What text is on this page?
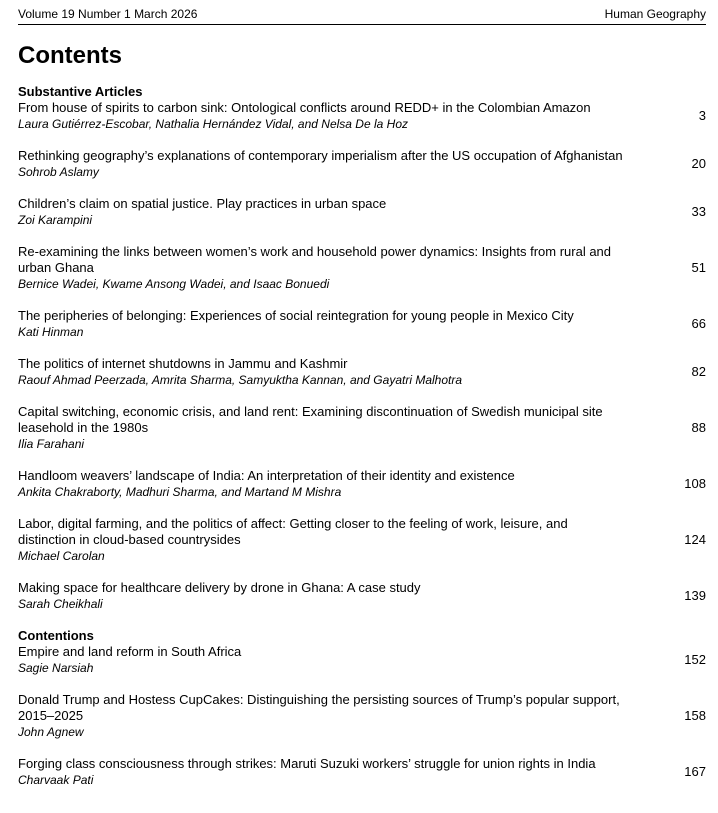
Volume 19 Number 1 March 2026	Human Geography
Contents
Substantive Articles
From house of spirits to carbon sink: Ontological conflicts around REDD+ in the Colombian Amazon
Laura Gutiérrez-Escobar, Nathalia Hernández Vidal, and Nelsa De la Hoz
3
Rethinking geography’s explanations of contemporary imperialism after the US occupation of Afghanistan
Sohrob Aslamy
20
Children’s claim on spatial justice. Play practices in urban space
Zoi Karampini
33
Re-examining the links between women’s work and household power dynamics: Insights from rural and urban Ghana
Bernice Wadei, Kwame Ansong Wadei, and Isaac Bonuedi
51
The peripheries of belonging: Experiences of social reintegration for young people in Mexico City
Kati Hinman
66
The politics of internet shutdowns in Jammu and Kashmir
Raouf Ahmad Peerzada, Amrita Sharma, Samyuktha Kannan, and Gayatri Malhotra
82
Capital switching, economic crisis, and land rent: Examining discontinuation of Swedish municipal site leasehold in the 1980s
Ilia Farahani
88
Handloom weavers’ landscape of India: An interpretation of their identity and existence
Ankita Chakraborty, Madhuri Sharma, and Martand M Mishra
108
Labor, digital farming, and the politics of affect: Getting closer to the feeling of work, leisure, and distinction in cloud-based countrysides
Michael Carolan
124
Making space for healthcare delivery by drone in Ghana: A case study
Sarah Cheikhali
139
Contentions
Empire and land reform in South Africa
Sagie Narsiah
152
Donald Trump and Hostess CupCakes: Distinguishing the persisting sources of Trump’s popular support, 2015–2025
John Agnew
158
Forging class consciousness through strikes: Maruti Suzuki workers’ struggle for union rights in India
Charvaak Pati
167
